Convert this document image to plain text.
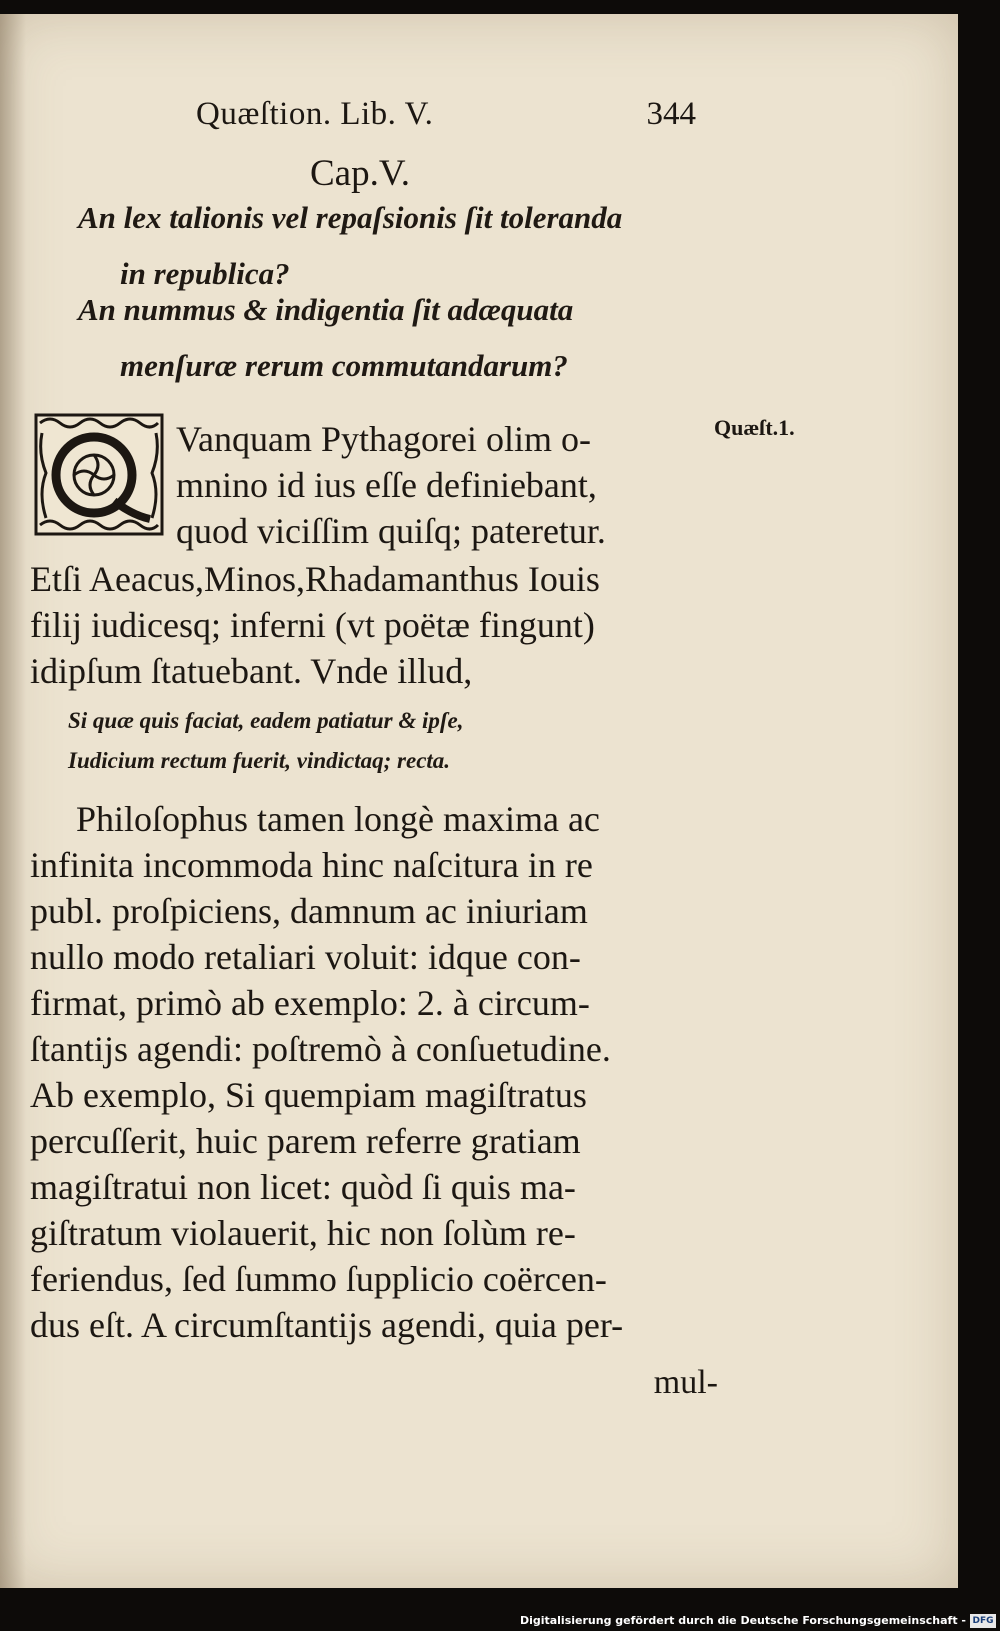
Quæſtion. Lib. V.	344
Cap.V.
An lex talionis vel repaſsionis ſit toleranda
in republica?
An nummus & indigentia ſit adæquata
menſuræ rerum commutandarum?
Quæſt.1.
Vanquam Pythagorei olim o-
mnino id ius eſſe definiebant,
quod viciſſim quiſq; pateretur.
Etſi Aeacus,Minos,Rhadamanthus Iouis
filij iudicesq; inferni (vt poëtæ fingunt)
idipſum ſtatuebant. Vnde illud,
Si quæ quis faciat, eadem patiatur & ipſe,
Iudicium rectum fuerit, vindictaq; recta.
Philoſophus tamen longè maxima ac
infinita incommoda hinc naſcitura in re
publ. proſpiciens, damnum ac iniuriam
nullo modo retaliari voluit: idque con-
firmat, primò ab exemplo: 2. à circum-
ſtantijs agendi: poſtremò à conſuetudine.
Ab exemplo, Si quempiam magiſtratus
percuſſerit, huic parem referre gratiam
magiſtratui non licet: quòd ſi quis ma-
giſtratum violauerit, hic non ſolùm re-
feriendus, ſed ſummo ſupplicio coërcen-
dus eſt. A circumſtantijs agendi, quia per-
mul-
Digitalisierung gefördert durch die Deutsche Forschungsgemeinschaft - DFG
